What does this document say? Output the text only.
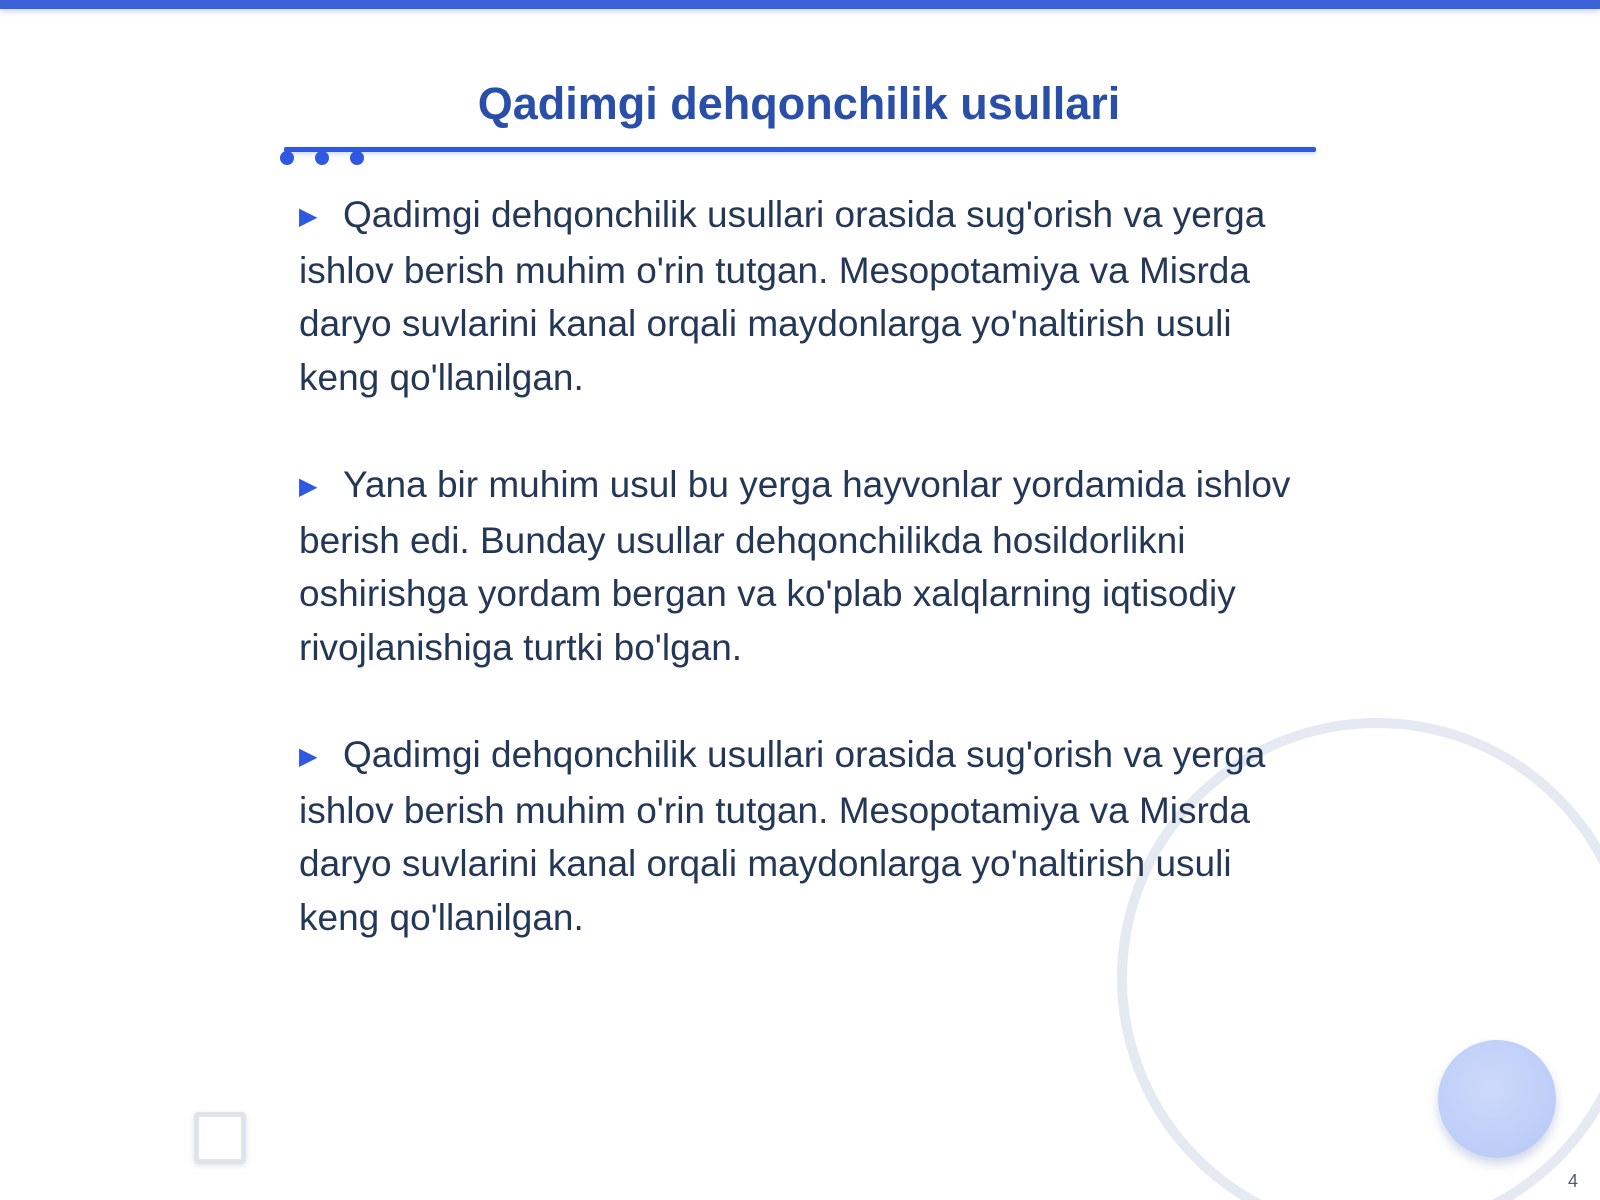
Qadimgi dehqonchilik usullari

▶ Qadimgi dehqonchilik usullari orasida sug'orish va yerga ishlov berish muhim o'rin tutgan. Mesopotamiya va Misrda daryo suvlarini kanal orqali maydonlarga yo'naltirish usuli keng qo'llanilgan.

▶ Yana bir muhim usul bu yerga hayvonlar yordamida ishlov berish edi. Bunday usullar dehqonchilikda hosildorlikni oshirishga yordam bergan va ko'plab xalqlarning iqtisodiy rivojlanishiga turtki bo'lgan.

▶ Qadimgi dehqonchilik usullari orasida sug'orish va yerga ishlov berish muhim o'rin tutgan. Mesopotamiya va Misrda daryo suvlarini kanal orqali maydonlarga yo'naltirish usuli keng qo'llanilgan.

4
